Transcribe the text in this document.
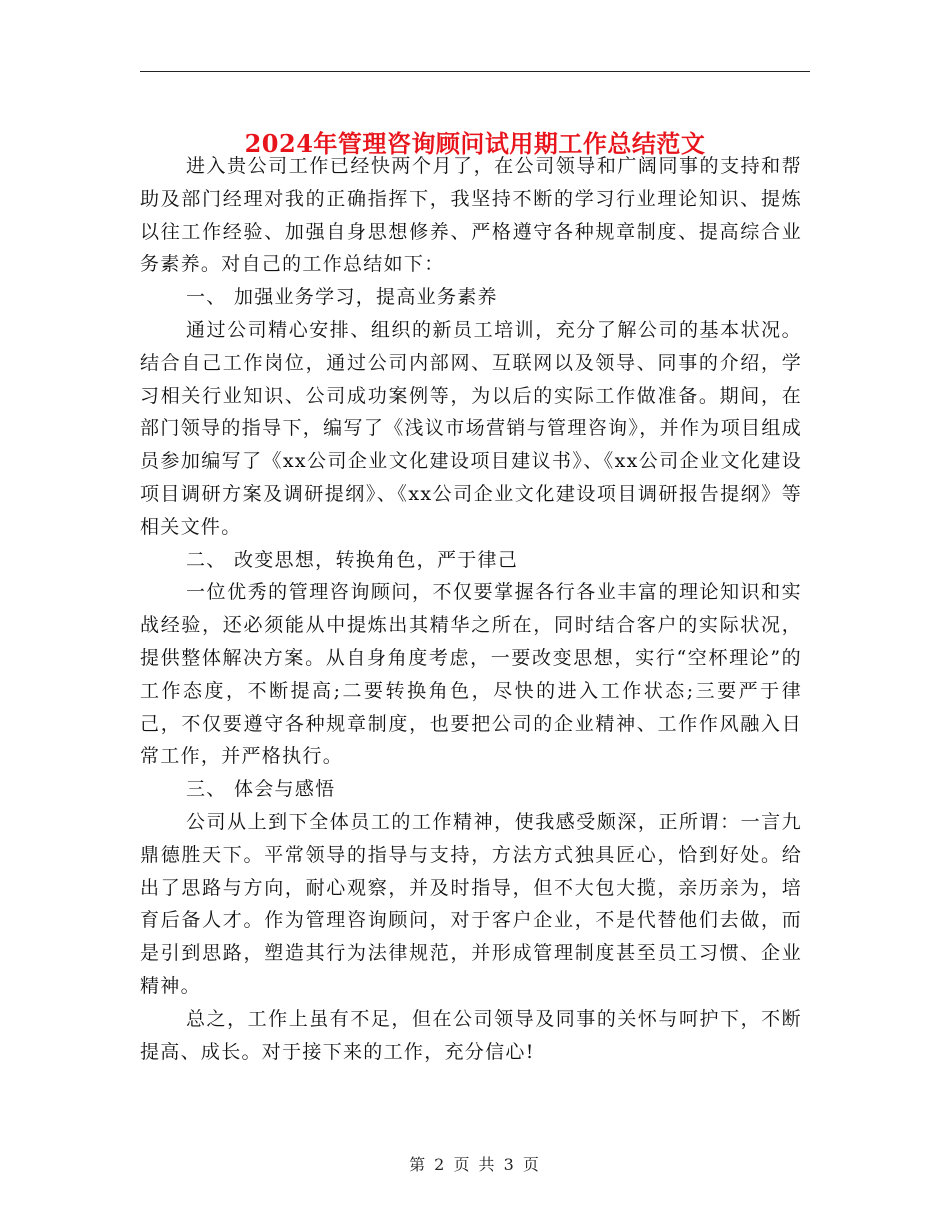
2024年管理咨询顾问试用期工作总结范文

进入贵公司工作已经快两个月了，在公司领导和广阔同事的支持和帮助及部门经理对我的正确指挥下，我坚持不断的学习行业理论知识、提炼以往工作经验、加强自身思想修养、严格遵守各种规章制度、提高综合业务素养。对自己的工作总结如下：

一、 加强业务学习，提高业务素养

通过公司精心安排、组织的新员工培训，充分了解公司的基本状况。结合自己工作岗位，通过公司内部网、互联网以及领导、同事的介绍，学习相关行业知识、公司成功案例等，为以后的实际工作做准备。期间，在部门领导的指导下，编写了《浅议市场营销与管理咨询》，并作为项目组成员参加编写了《xx公司企业文化建设项目建议书》、《xx公司企业文化建设项目调研方案及调研提纲》、《xx公司企业文化建设项目调研报告提纲》等相关文件。

二、 改变思想，转换角色，严于律己

一位优秀的管理咨询顾问，不仅要掌握各行各业丰富的理论知识和实战经验，还必须能从中提炼出其精华之所在，同时结合客户的实际状况，提供整体解决方案。从自身角度考虑，一要改变思想，实行“空杯理论”的工作态度，不断提高;二要转换角色，尽快的进入工作状态;三要严于律己，不仅要遵守各种规章制度，也要把公司的企业精神、工作作风融入日常工作，并严格执行。

三、 体会与感悟

公司从上到下全体员工的工作精神，使我感受颇深，正所谓：一言九鼎德胜天下。平常领导的指导与支持，方法方式独具匠心，恰到好处。给出了思路与方向，耐心观察，并及时指导，但不大包大揽，亲历亲为，培育后备人才。作为管理咨询顾问，对于客户企业，不是代替他们去做，而是引到思路，塑造其行为法律规范，并形成管理制度甚至员工习惯、企业精神。

总之，工作上虽有不足，但在公司领导及同事的关怀与呵护下，不断提高、成长。对于接下来的工作，充分信心!

第 2 页 共 3 页
